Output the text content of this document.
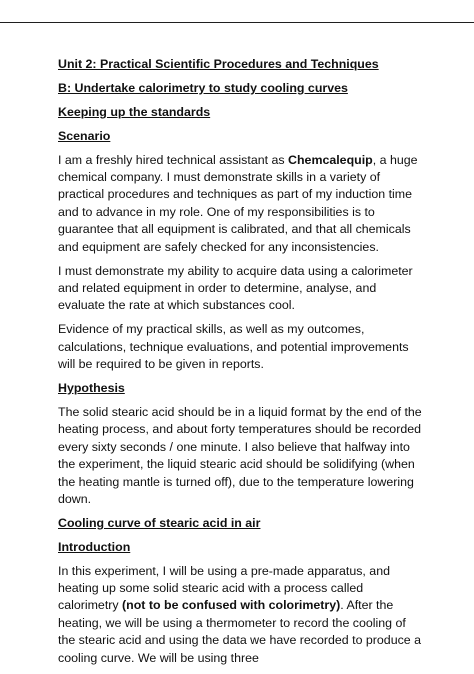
Unit 2: Practical Scientific Procedures and Techniques
B: Undertake calorimetry to study cooling curves
Keeping up the standards
Scenario
I am a freshly hired technical assistant as Chemcalequip, a huge chemical company. I must demonstrate skills in a variety of practical procedures and techniques as part of my induction time and to advance in my role. One of my responsibilities is to guarantee that all equipment is calibrated, and that all chemicals and equipment are safely checked for any inconsistencies.
I must demonstrate my ability to acquire data using a calorimeter and related equipment in order to determine, analyse, and evaluate the rate at which substances cool.
Evidence of my practical skills, as well as my outcomes, calculations, technique evaluations, and potential improvements will be required to be given in reports.
Hypothesis
The solid stearic acid should be in a liquid format by the end of the heating process, and about forty temperatures should be recorded every sixty seconds / one minute. I also believe that halfway into the experiment, the liquid stearic acid should be solidifying (when the heating mantle is turned off), due to the temperature lowering down.
Cooling curve of stearic acid in air
Introduction
In this experiment, I will be using a pre-made apparatus, and heating up some solid stearic acid with a process called calorimetry (not to be confused with colorimetry). After the heating, we will be using a thermometer to record the cooling of the stearic acid and using the data we have recorded to produce a cooling curve. We will be using three
